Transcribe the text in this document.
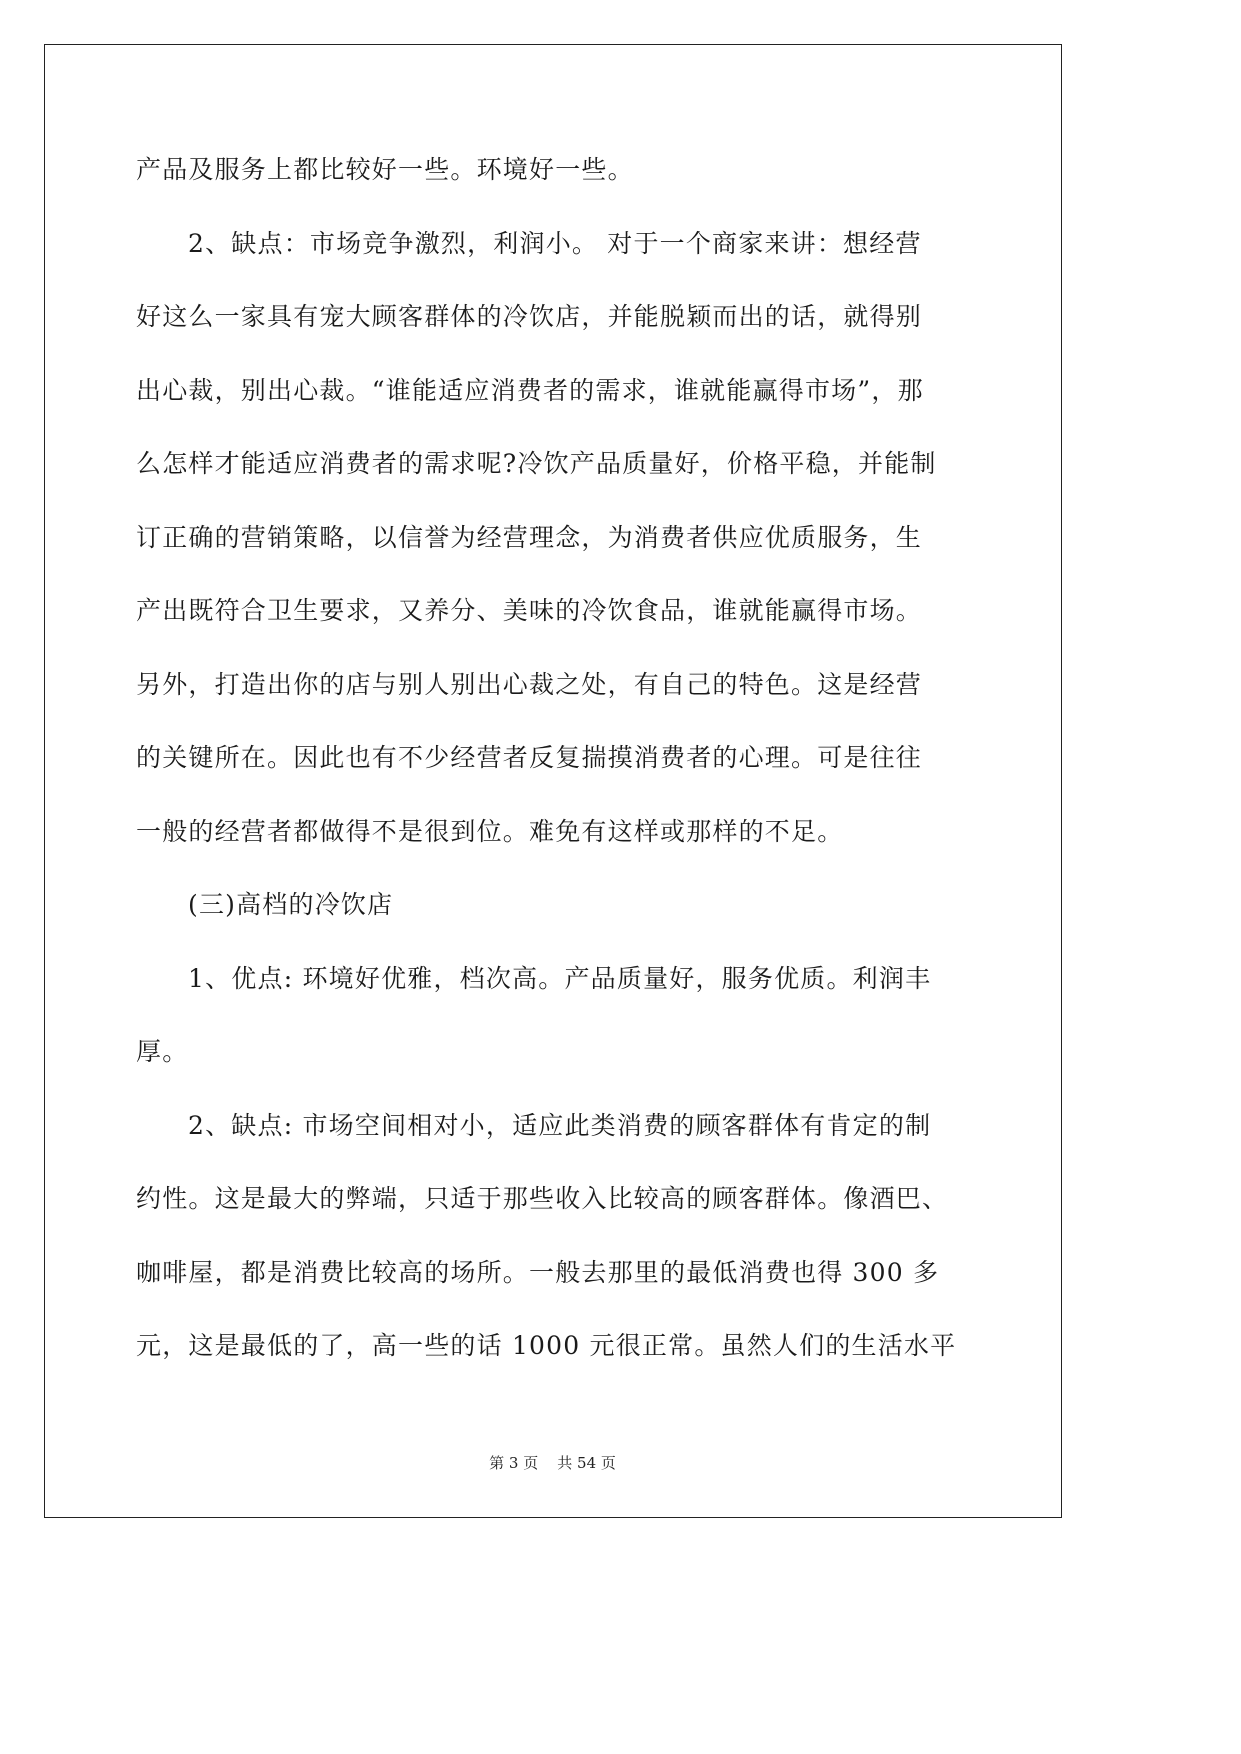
产品及服务上都比较好一些。环境好一些。
2、缺点：市场竞争激烈，利润小。 对于一个商家来讲：想经营
好这么一家具有宠大顾客群体的冷饮店，并能脱颖而出的话，就得别
出心裁，别出心裁。“谁能适应消费者的需求，谁就能赢得市场”，那
么怎样才能适应消费者的需求呢?冷饮产品质量好，价格平稳，并能制
订正确的营销策略，以信誉为经营理念，为消费者供应优质服务，生
产出既符合卫生要求，又养分、美味的冷饮食品，谁就能赢得市场。
另外，打造出你的店与别人别出心裁之处，有自己的特色。这是经营
的关键所在。因此也有不少经营者反复揣摸消费者的心理。可是往往
一般的经营者都做得不是很到位。难免有这样或那样的不足。
(三)高档的冷饮店
1、优点: 环境好优雅，档次高。产品质量好，服务优质。利润丰
厚。
2、缺点: 市场空间相对小，适应此类消费的顾客群体有肯定的制
约性。这是最大的弊端，只适于那些收入比较高的顾客群体。像酒巴、
咖啡屋，都是消费比较高的场所。一般去那里的最低消费也得 300 多
元，这是最低的了，高一些的话 1000 元很正常。虽然人们的生活水平
第 3 页    共 54 页
